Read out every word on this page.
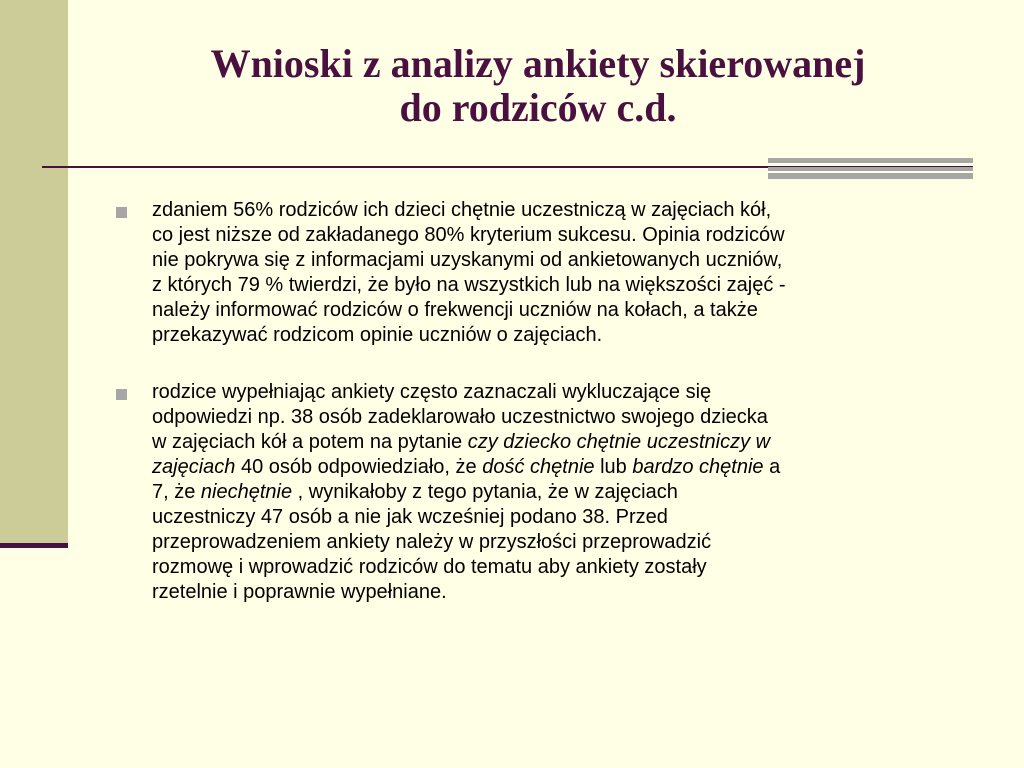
Wnioski z analizy ankiety skierowanej
do rodziców c.d.
zdaniem 56% rodziców ich dzieci chętnie uczestniczą w zajęciach kół,
co jest niższe od zakładanego 80% kryterium sukcesu. Opinia rodziców
nie pokrywa się z informacjami uzyskanymi od ankietowanych uczniów,
z których 79 % twierdzi, że było na wszystkich lub na większości zajęć -
należy informować rodziców o frekwencji uczniów na kołach, a także
przekazywać rodzicom opinie uczniów o zajęciach.
rodzice wypełniając ankiety często zaznaczali wykluczające się
odpowiedzi np. 38 osób zadeklarowało uczestnictwo swojego dziecka
w zajęciach kół a potem na pytanie czy dziecko chętnie uczestniczy w
zajęciach 40 osób odpowiedziało, że dość chętnie lub bardzo chętnie a
7, że niechętnie , wynikałoby z tego pytania, że w zajęciach
uczestniczy 47 osób a nie jak wcześniej podano 38. Przed
przeprowadzeniem ankiety należy w przyszłości przeprowadzić
rozmowę i wprowadzić rodziców do tematu aby ankiety zostały
rzetelnie i poprawnie wypełniane.
